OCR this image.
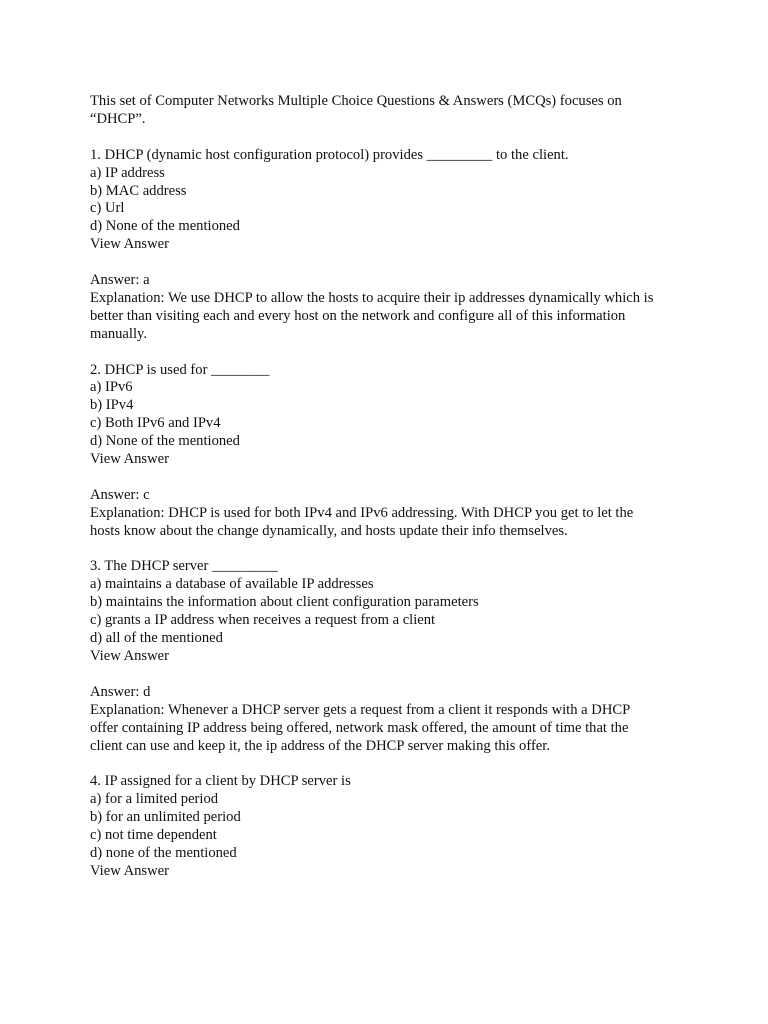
This set of Computer Networks Multiple Choice Questions & Answers (MCQs) focuses on
“DHCP”.
1. DHCP (dynamic host configuration protocol) provides _________ to the client.
a) IP address
b) MAC address
c) Url
d) None of the mentioned
View Answer
Answer: a
Explanation: We use DHCP to allow the hosts to acquire their ip addresses dynamically which is
better than visiting each and every host on the network and configure all of this information
manually.
2. DHCP is used for ________
a) IPv6
b) IPv4
c) Both IPv6 and IPv4
d) None of the mentioned
View Answer
Answer: c
Explanation: DHCP is used for both IPv4 and IPv6 addressing. With DHCP you get to let the
hosts know about the change dynamically, and hosts update their info themselves.
3. The DHCP server _________
a) maintains a database of available IP addresses
b) maintains the information about client configuration parameters
c) grants a IP address when receives a request from a client
d) all of the mentioned
View Answer
Answer: d
Explanation: Whenever a DHCP server gets a request from a client it responds with a DHCP
offer containing IP address being offered, network mask offered, the amount of time that the
client can use and keep it, the ip address of the DHCP server making this offer.
4. IP assigned for a client by DHCP server is
a) for a limited period
b) for an unlimited period
c) not time dependent
d) none of the mentioned
View Answer
